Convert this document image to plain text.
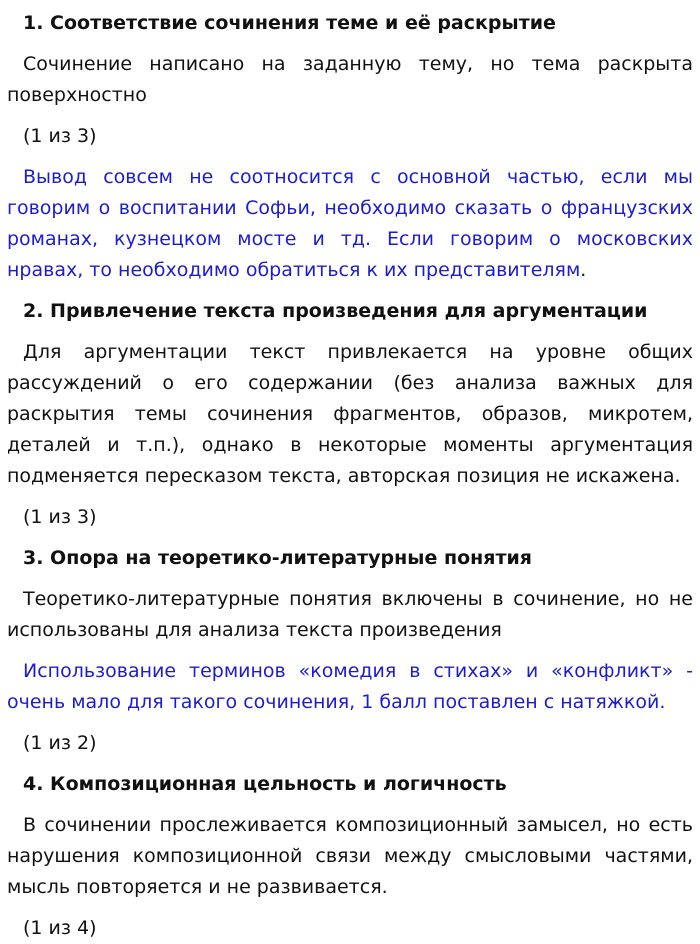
1. Соответствие сочинения теме и её раскрытие

Сочинение написано на заданную тему, но тема раскрыта поверхностно

(1 из 3)

Вывод совсем не соотносится с основной частью, если мы говорим о воспитании Софьи, необходимо сказать о французских романах, кузнецком мосте и тд. Если говорим о московских нравах, то необходимо обратиться к их представителям.

2. Привлечение текста произведения для аргументации

Для аргументации текст привлекается на уровне общих рассуждений о его содержании (без анализа важных для раскрытия темы сочинения фрагментов, образов, микротем, деталей и т.п.), однако в некоторые моменты аргументация подменяется пересказом текста, авторская позиция не искажена.

(1 из 3)

3. Опора на теоретико-литературные понятия

Теоретико-литературные понятия включены в сочинение, но не использованы для анализа текста произведения

Использование терминов «комедия в стихах» и «конфликт» - очень мало для такого сочинения, 1 балл поставлен с натяжкой.

(1 из 2)

4. Композиционная цельность и логичность

В сочинении прослеживается композиционный замысел, но есть нарушения композиционной связи между смысловыми частями, мысль повторяется и не развивается.

(1 из 4)
